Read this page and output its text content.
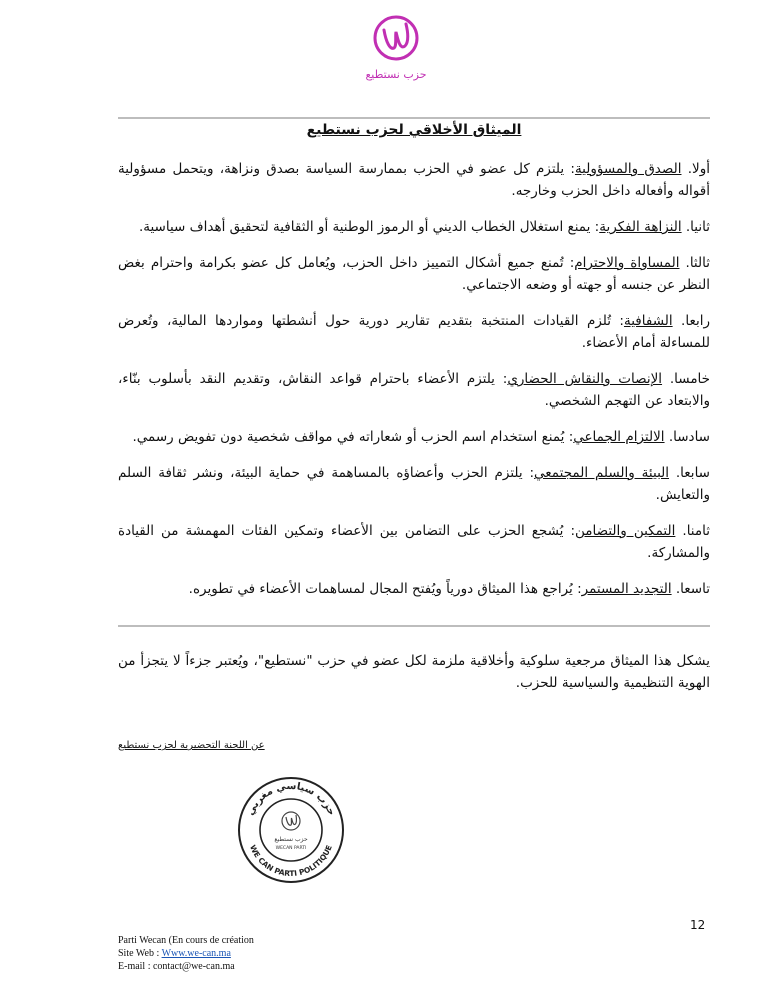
حزب نستطيع
الميثاق الأخلاقي لحزب نستطيع

أولا. الصدق والمسؤولية: يلتزم كل عضو في الحزب بممارسة السياسة بصدق ونزاهة، ويتحمل مسؤولية أقواله وأفعاله داخل الحزب وخارجه.

ثانيا. النزاهة الفكرية: يمنع استغلال الخطاب الديني أو الرموز الوطنية أو الثقافية لتحقيق أهداف سياسية.

ثالثا. المساواة والاحترام: تُمنع جميع أشكال التمييز داخل الحزب، ويُعامل كل عضو بكرامة واحترام بغض النظر عن جنسه أو جهته أو وضعه الاجتماعي.

رابعا. الشفافية: تُلزم القيادات المنتخبة بتقديم تقارير دورية حول أنشطتها ومواردها المالية، وتُعرض للمساءلة أمام الأعضاء.

خامسا. الإنصات والنقاش الحضاري: يلتزم الأعضاء باحترام قواعد النقاش، وتقديم النقد بأسلوب بنّاء، والابتعاد عن التهجم الشخصي.

سادسا. الالتزام الجماعي: يُمنع استخدام اسم الحزب أو شعاراته في مواقف شخصية دون تفويض رسمي.

سابعا. البيئة والسلم المجتمعي: يلتزم الحزب وأعضاؤه بالمساهمة في حماية البيئة، ونشر ثقافة السلم والتعايش.

ثامنا. التمكين والتضامن: يُشجع الحزب على التضامن بين الأعضاء وتمكين الفئات المهمشة من القيادة والمشاركة.

تاسعا. التجديد المستمر: يُراجع هذا الميثاق دورياً ويُفتح المجال لمساهمات الأعضاء في تطويره.

يشكل هذا الميثاق مرجعية سلوكية وأخلاقية ملزمة لكل عضو في حزب "نستطيع"، ويُعتبر جزءاً لا يتجزأ من الهوية التنظيمية والسياسية للحزب.

عن اللجنة التحضيرية لحزب نستطيع
حزب سياسي مغربي
WE CAN PARTI POLITIQUE
حزب نستطيع
WECAN PARTI
12
Parti Wecan (En cours de création
Site Web : Www.we-can.ma
E-mail : contact@we-can.ma
